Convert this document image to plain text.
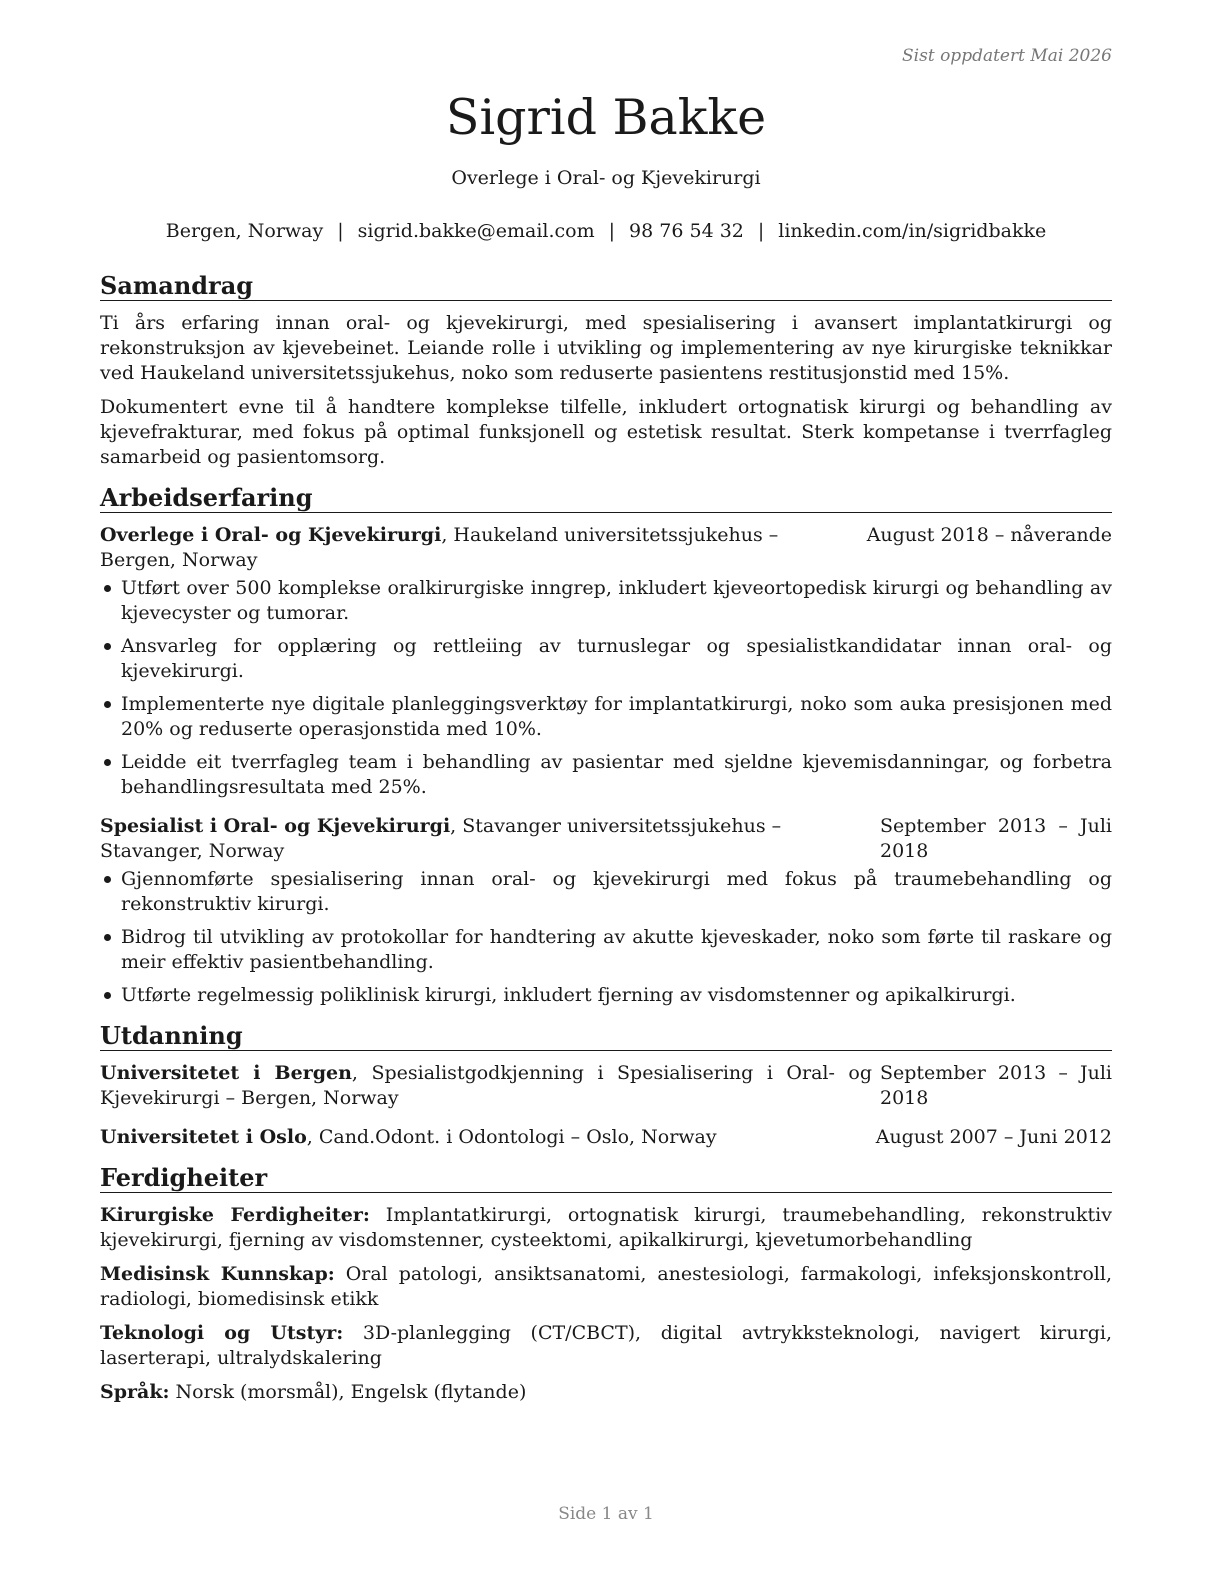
Sist oppdatert Mai 2026
Sigrid Bakke
Overlege i Oral- og Kjevekirurgi
Bergen, Norway | sigrid.bakke@email.com | 98 76 54 32 | linkedin.com/in/sigridbakke
Samandrag

Ti års erfaring innan oral- og kjevekirurgi, med spesialisering i avansert implantatkirurgi og rekonstruksjon av kjevebeinet. Leiande rolle i utvikling og implementering av nye kirurgiske teknikkar ved Haukeland universitetssjukehus, noko som reduserte pasientens restitusjonstid med 15%.

Dokumentert evne til å handtere komplekse tilfelle, inkludert ortognatisk kirurgi og behandling av kjevefrakturar, med fokus på optimal funksjonell og estetisk resultat. Sterk kompetanse i tverrfagleg samarbeid og pasientomsorg.

Arbeidserfaring
Overlege i Oral- og Kjevekirurgi, Haukeland universitetssjukehus – Bergen, Norway
August 2018 – nåverande
Utført over 500 komplekse oralkirurgiske inngrep, inkludert kjeveortopedisk kirurgi og behandling av kjevecyster og tumorar.
Ansvarleg for opplæring og rettleiing av turnuslegar og spesialistkandidatar innan oral- og kjevekirurgi.
Implementerte nye digitale planleggingsverktøy for implantatkirurgi, noko som auka presisjonen med 20% og reduserte operasjonstida med 10%.
Leidde eit tverrfagleg team i behandling av pasientar med sjeldne kjevemisdanningar, og forbetra behandlingsresultata med 25%.
Spesialist i Oral- og Kjevekirurgi, Stavanger universitetssjukehus – Stavanger, Norway
September 2013 – Juli 2018
Gjennomførte spesialisering innan oral- og kjevekirurgi med fokus på traumebehandling og rekonstruktiv kirurgi.
Bidrog til utvikling av protokollar for handtering av akutte kjeveskader, noko som førte til raskare og meir effektiv pasientbehandling.
Utførte regelmessig poliklinisk kirurgi, inkludert fjerning av visdomstenner og apikalkirurgi.
Utdanning
Universitetet i Bergen, Spesialistgodkjenning i Spesialisering i Oral- og Kjevekirurgi – Bergen, Norway
September 2013 – Juli 2018
Universitetet i Oslo, Cand.Odont. i Odontologi – Oslo, Norway	August 2007 – Juni 2012
Ferdigheiter
Kirurgiske Ferdigheiter: Implantatkirurgi, ortognatisk kirurgi, traumebehandling, rekonstruktiv kjevekirurgi, fjerning av visdomstenner, cysteektomi, apikalkirurgi, kjevetumorbehandling
Medisinsk Kunnskap: Oral patologi, ansiktsanatomi, anestesiologi, farmakologi, infeksjonskontroll, radiologi, biomedisinsk etikk
Teknologi og Utstyr: 3D-planlegging (CT/CBCT), digital avtrykksteknologi, navigert kirurgi, laserterapi, ultralydskalering
Språk: Norsk (morsmål), Engelsk (flytande)
Side 1 av 1
